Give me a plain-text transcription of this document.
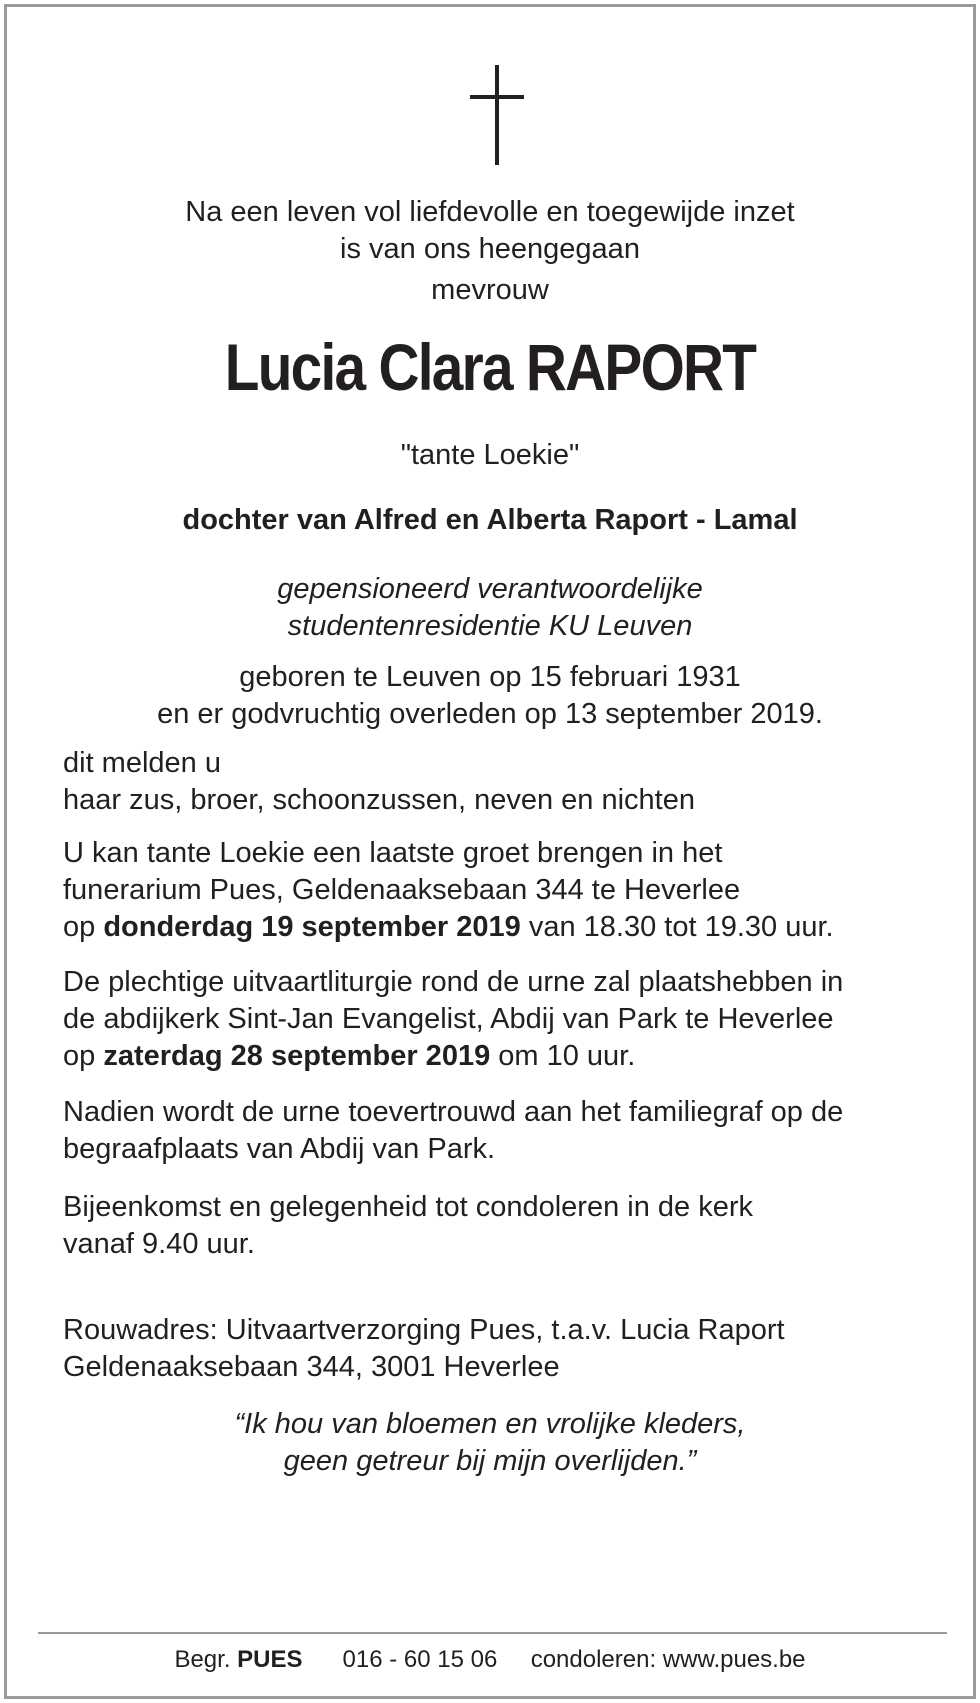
Na een leven vol liefdevolle en toegewijde inzet
is van ons heengegaan
mevrouw
Lucia Clara RAPORT
"tante Loekie"
dochter van Alfred en Alberta Raport - Lamal
gepensioneerd verantwoordelijke
studentenresidentie KU Leuven
geboren te Leuven op 15 februari 1931
en er godvruchtig overleden op 13 september 2019.
dit melden u
haar zus, broer, schoonzussen, neven en nichten
U kan tante Loekie een laatste groet brengen in het
funerarium Pues, Geldenaaksebaan 344 te Heverlee
op donderdag 19 september 2019 van 18.30 tot 19.30 uur.
De plechtige uitvaartliturgie rond de urne zal plaatshebben in
de abdijkerk Sint-Jan Evangelist, Abdij van Park te Heverlee
op zaterdag 28 september 2019 om 10 uur.
Nadien wordt de urne toevertrouwd aan het familiegraf op de
begraafplaats van Abdij van Park.
Bijeenkomst en gelegenheid tot condoleren in de kerk
vanaf 9.40 uur.
Rouwadres: Uitvaartverzorging Pues, t.a.v. Lucia Raport
Geldenaaksebaan 344, 3001 Heverlee
“Ik hou van bloemen en vrolijke kleders,
geen getreur bij mijn overlijden.”
Begr. PUES 016 - 60 15 06 condoleren: www.pues.be
